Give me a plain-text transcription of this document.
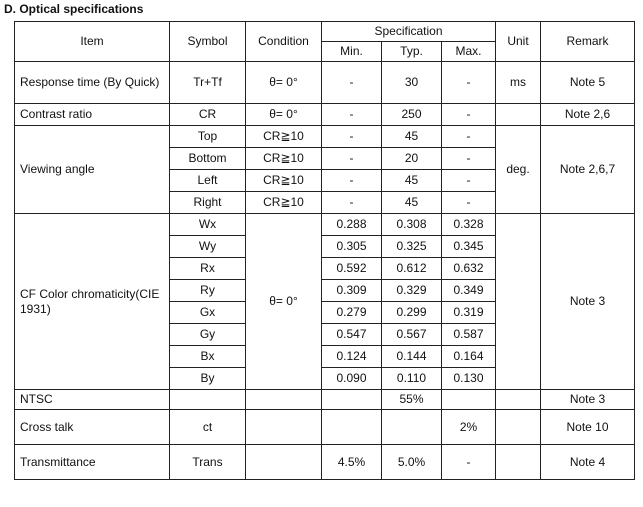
D. Optical specifications
Item	Symbol	Condition	Specification			Unit	Remark
			Min.	Typ.	Max.		
Response time (By Quick)	Tr+Tf	θ= 0°	-	30	-	ms	Note 5
Contrast ratio	CR	θ= 0°	-	250	-		Note 2,6
Viewing angle	Top	CR≧10	-	45	-	deg.	Note 2,6,7
	Bottom	CR≧10	-	20	-		
	Left	CR≧10	-	45	-		
	Right	CR≧10	-	45	-		
CF Color chromaticity(CIE 1931)	Wx	θ= 0°	0.288	0.308	0.328		Note 3
	Wy		0.305	0.325	0.345		
	Rx		0.592	0.612	0.632		
	Ry		0.309	0.329	0.349		
	Gx		0.279	0.299	0.319		
	Gy		0.547	0.567	0.587		
	Bx		0.124	0.144	0.164		
	By		0.090	0.110	0.130		
NTSC				55%			Note 3
Cross talk	ct				2%		Note 10
Transmittance	Trans		4.5%	5.0%	-		Note 4
